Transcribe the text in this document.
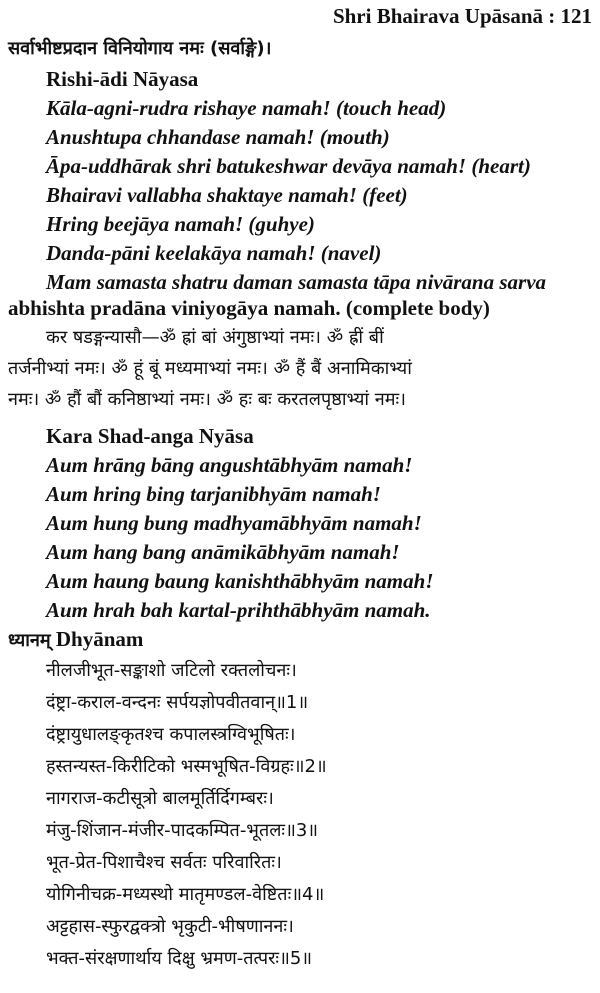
Shri Bhairava Upāsanā : 121
सर्वाभीष्टप्रदान विनियोगाय नमः (सर्वाङ्गे)।
Rishi-ādi Nāyasa
Kāla-agni-rudra rishaye namah! (touch head)
Anushtupa chhandase namah! (mouth)
Āpa-uddhārak shri batukeshwar devāya namah! (heart)
Bhairavi vallabha shaktaye namah! (feet)
Hring beejāya namah! (guhye)
Danda-pāni keelakāya namah! (navel)
Mam samasta shatru daman samasta tāpa nivārana sarva
abhishta pradāna viniyogāya namah. (complete body)
कर षडङ्गन्यासौ—ॐ ह्रां बां अंगुष्ठाभ्यां नमः। ॐ ह्रीं बीं
तर्जनीभ्यां नमः। ॐ हूं बूं मध्यमाभ्यां नमः। ॐ हैं बैं अनामिकाभ्यां
नमः। ॐ हौं बौं कनिष्ठाभ्यां नमः। ॐ हः बः करतलपृष्ठाभ्यां नमः।
Kara Shad-anga Nyāsa
Aum hrāng bāng angushtābhyām namah!
Aum hring bing tarjanibhyām namah!
Aum hung bung madhyamābhyām namah!
Aum hang bang anāmikābhyām namah!
Aum haung baung kanishthābhyām namah!
Aum hrah bah kartal-prihthābhyām namah.
ध्यानम् Dhyānam
नीलजीभूत-सङ्काशो जटिलो रक्तलोचनः।
दंष्ट्रा-कराल-वन्दनः सर्पयज्ञोपवीतवान्॥1॥
दंष्ट्रायुधालङ्कृतश्च कपालस्त्रग्विभूषितः।
हस्तन्यस्त-किरीटिको भस्मभूषित-विग्रहः॥2॥
नागराज-कटीसूत्रो बालमूर्तिर्दिगम्बरः।
मंजु-शिंजान-मंजीर-पादकम्पित-भूतलः॥3॥
भूत-प्रेत-पिशाचैश्च सर्वतः परिवारितः।
योगिनीचक्र-मध्यस्थो मातृमण्डल-वेष्टितः॥4॥
अट्टहास-स्फुरद्वक्त्रो भृकुटी-भीषणाननः।
भक्त-संरक्षणार्थाय दिक्षु भ्रमण-तत्परः॥5॥
